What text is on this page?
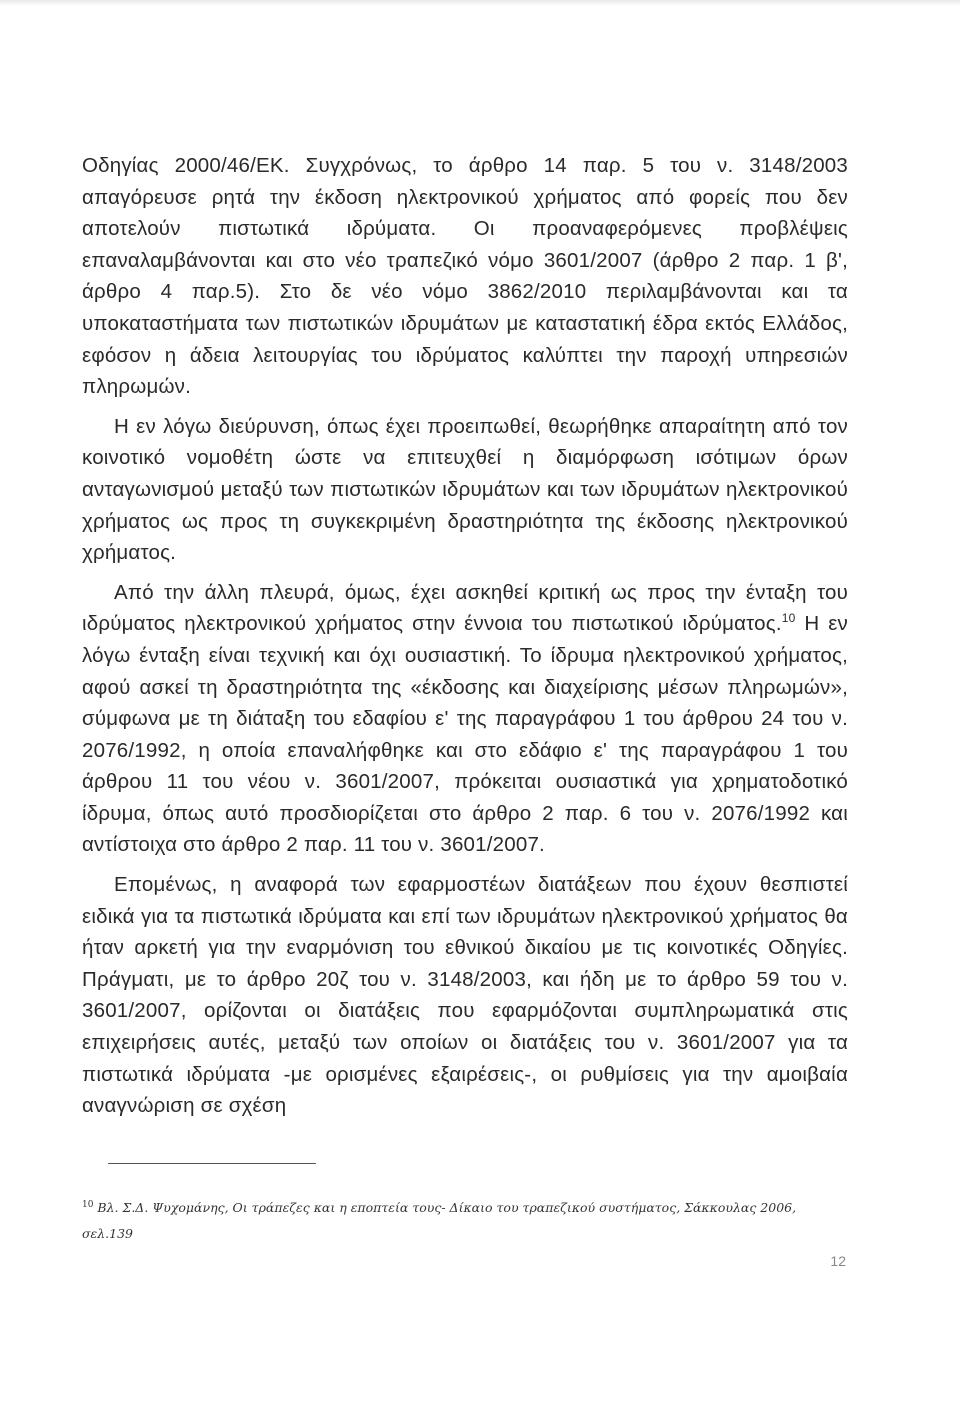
Οδηγίας 2000/46/ΕΚ. Συγχρόνως, το άρθρο 14 παρ. 5 του ν. 3148/2003 απαγόρευσε ρητά την έκδοση ηλεκτρονικού χρήματος από φορείς που δεν αποτελούν πιστωτικά ιδρύματα. Οι προαναφερόμενες προβλέψεις επαναλαμβάνονται και στο νέο τραπεζικό νόμο 3601/2007 (άρθρο 2 παρ. 1 β', άρθρο 4 παρ.5). Στο δε νέο νόμο 3862/2010 περιλαμβάνονται και τα υποκαταστήματα των πιστωτικών ιδρυμάτων με καταστατική έδρα εκτός Ελλάδος, εφόσον η άδεια λειτουργίας του ιδρύματος καλύπτει την παροχή υπηρεσιών πληρωμών.

Η εν λόγω διεύρυνση, όπως έχει προειπωθεί, θεωρήθηκε απαραίτητη από τον κοινοτικό νομοθέτη ώστε να επιτευχθεί η διαμόρφωση ισότιμων όρων ανταγωνισμού μεταξύ των πιστωτικών ιδρυμάτων και των ιδρυμάτων ηλεκτρονικού χρήματος ως προς τη συγκεκριμένη δραστηριότητα της έκδοσης ηλεκτρονικού χρήματος.

Από την άλλη πλευρά, όμως, έχει ασκηθεί κριτική ως προς την ένταξη του ιδρύματος ηλεκτρονικού χρήματος στην έννοια του πιστωτικού ιδρύματος.$^{10}$ Η εν λόγω ένταξη είναι τεχνική και όχι ουσιαστική. Το ίδρυμα ηλεκτρονικού χρήματος, αφού ασκεί τη δραστηριότητα της «έκδοσης και διαχείρισης μέσων πληρωμών», σύμφωνα με τη διάταξη του εδαφίου ε' της παραγράφου 1 του άρθρου 24 του ν. 2076/1992, η οποία επαναλήφθηκε και στο εδάφιο ε' της παραγράφου 1 του άρθρου 11 του νέου ν. 3601/2007, πρόκειται ουσιαστικά για χρηματοδοτικό ίδρυμα, όπως αυτό προσδιορίζεται στο άρθρο 2 παρ. 6 του ν. 2076/1992 και αντίστοιχα στο άρθρο 2 παρ. 11 του ν. 3601/2007.

Επομένως, η αναφορά των εφαρμοστέων διατάξεων που έχουν θεσπιστεί ειδικά για τα πιστωτικά ιδρύματα και επί των ιδρυμάτων ηλεκτρονικού χρήματος θα ήταν αρκετή για την εναρμόνιση του εθνικού δικαίου με τις κοινοτικές Οδηγίες. Πράγματι, με το άρθρο 20ζ του ν. 3148/2003, και ήδη με το άρθρο 59 του ν. 3601/2007, ορίζονται οι διατάξεις που εφαρμόζονται συμπληρωματικά στις επιχειρήσεις αυτές, μεταξύ των οποίων οι διατάξεις του ν. 3601/2007 για τα πιστωτικά ιδρύματα -με ορισμένες εξαιρέσεις-, οι ρυθμίσεις για την αμοιβαία αναγνώριση σε σχέση

$^{10}$ Βλ. Σ.Δ. Ψυχομάνης, Οι τράπεζες και η εποπτεία τους- Δίκαιο του τραπεζικού συστήματος, Σάκκουλας 2006, σελ.139
12
